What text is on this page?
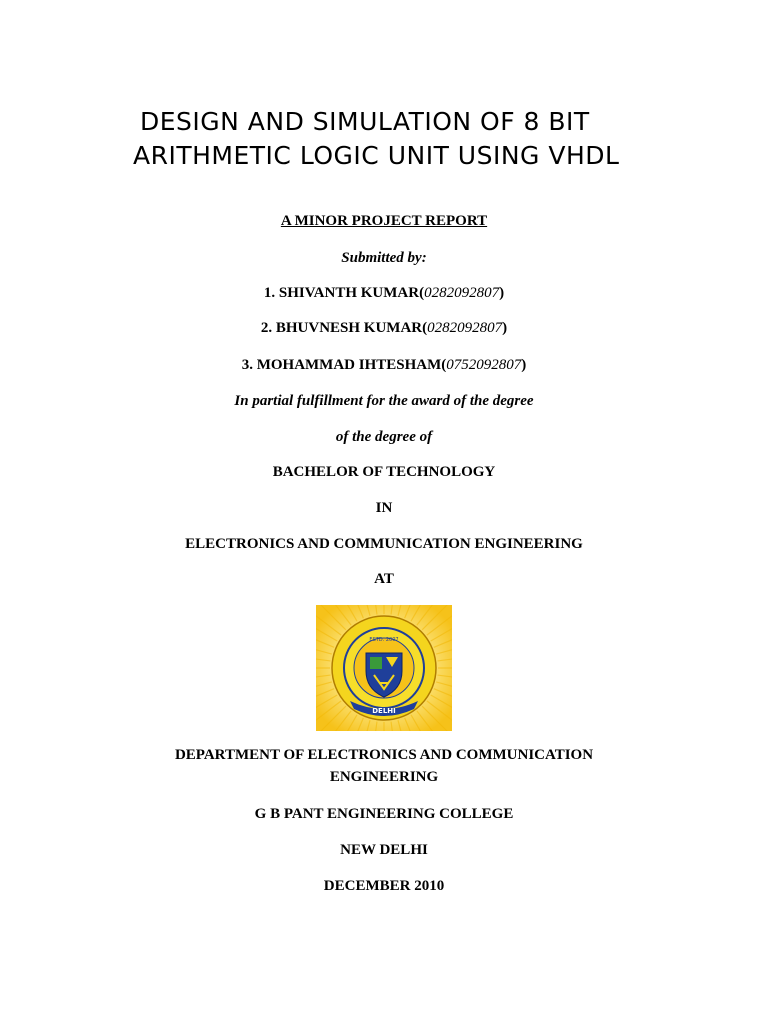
DESIGN AND SIMULATION OF 8 BIT
ARITHMETIC LOGIC UNIT USING VHDL
A MINOR PROJECT REPORT
Submitted by:
1. SHIVANTH KUMAR(0282092807)
2. BHUVNESH KUMAR(0282092807)
3. MOHAMMAD IHTESHAM(0752092807)
In partial fulfillment for the award of the degree
of the degree of
BACHELOR OF TECHNOLOGY
IN
ELECTRONICS AND COMMUNICATION ENGINEERING
AT
DELHI
ESTD. 2007
DEPARTMENT OF ELECTRONICS AND COMMUNICATION
ENGINEERING
G B PANT ENGINEERING COLLEGE
NEW DELHI
DECEMBER 2010
